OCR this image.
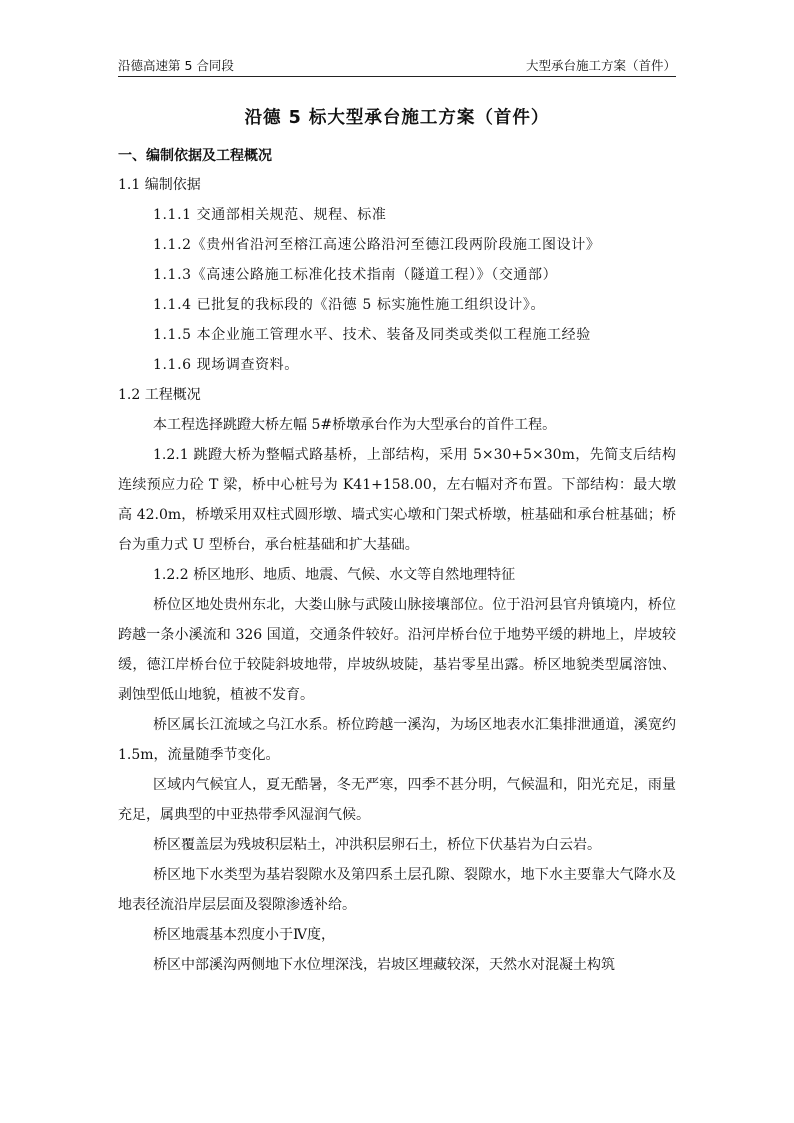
沿德高速第 5 合同段	大型承台施工方案（首件）
沿德 5 标大型承台施工方案（首件）
一、编制依据及工程概况
1.1 编制依据
1.1.1 交通部相关规范、规程、标准
1.1.2《贵州省沿河至榕江高速公路沿河至德江段两阶段施工图设计》
1.1.3《高速公路施工标准化技术指南（隧道工程）》（交通部）
1.1.4 已批复的我标段的《沿德 5 标实施性施工组织设计》。
1.1.5 本企业施工管理水平、技术、装备及同类或类似工程施工经验
1.1.6 现场调查资料。
1.2 工程概况

本工程选择跳蹬大桥左幅 5#桥墩承台作为大型承台的首件工程。

1.2.1 跳蹬大桥为整幅式路基桥，上部结构，采用 5×30+5×30m，先简支后结构连续预应力砼 T 梁，桥中心桩号为 K41+158.00，左右幅对齐布置。下部结构：最大墩高 42.0m，桥墩采用双柱式圆形墩、墙式实心墩和门架式桥墩，桩基础和承台桩基础；桥台为重力式 U 型桥台，承台桩基础和扩大基础。

1.2.2 桥区地形、地质、地震、气候、水文等自然地理特征

桥位区地处贵州东北，大娄山脉与武陵山脉接壤部位。位于沿河县官舟镇境内，桥位跨越一条小溪流和 326 国道，交通条件较好。沿河岸桥台位于地势平缓的耕地上，岸坡较缓，德江岸桥台位于较陡斜坡地带，岸坡纵坡陡，基岩零星出露。桥区地貌类型属溶蚀、剥蚀型低山地貌，植被不发育。

桥区属长江流域之乌江水系。桥位跨越一溪沟，为场区地表水汇集排泄通道，溪宽约 1.5m，流量随季节变化。

区域内气候宜人，夏无酷暑，冬无严寒，四季不甚分明，气候温和，阳光充足，雨量充足，属典型的中亚热带季风湿润气候。

桥区覆盖层为残坡积层粘土，冲洪积层卵石土，桥位下伏基岩为白云岩。

桥区地下水类型为基岩裂隙水及第四系土层孔隙、裂隙水，地下水主要靠大气降水及地表径流沿岸层层面及裂隙渗透补给。

桥区地震基本烈度小于Ⅳ度，

桥区中部溪沟两侧地下水位埋深浅，岩坡区埋藏较深，天然水对混凝土构筑
